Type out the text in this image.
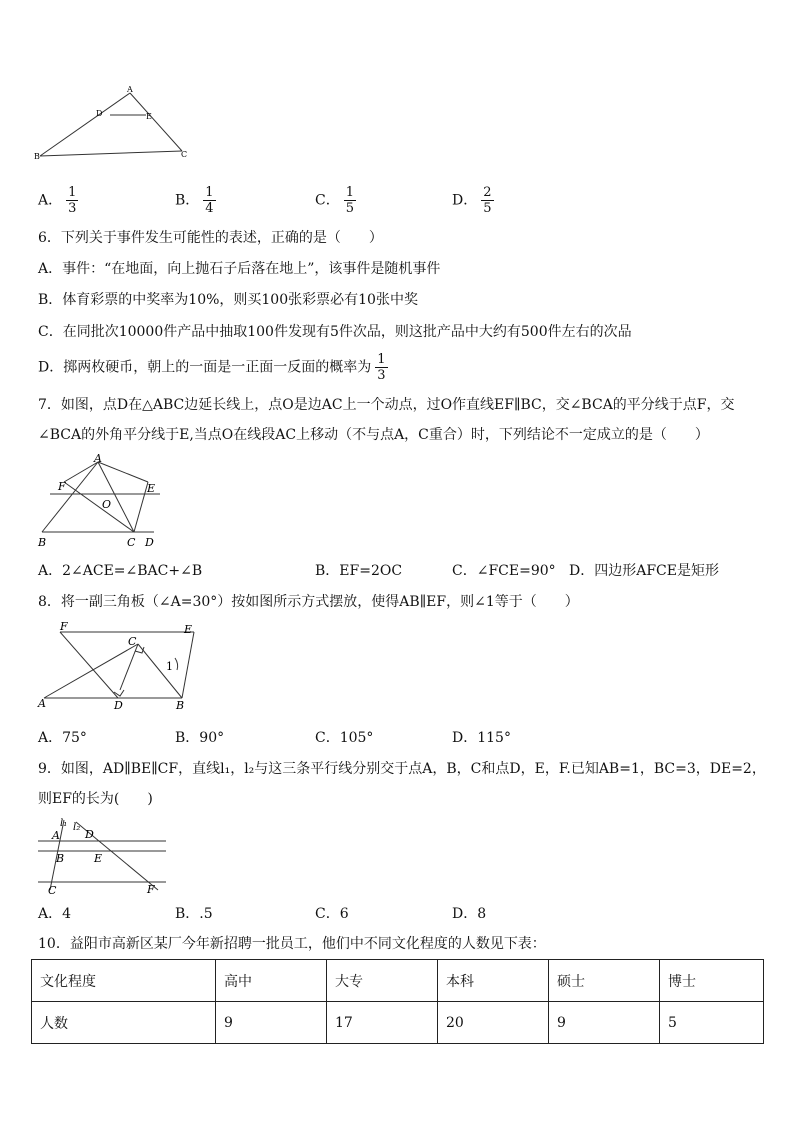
A
D	E
B	C
A． $\frac{1}{3}$	B． $\frac{1}{4}$	C． $\frac{1}{5}$	D． $\frac{2}{5}$
6．下列关于事件发生可能性的表述，正确的是（　　）
A．事件：“在地面，向上抛石子后落在地上”，该事件是随机事件
B．体育彩票的中奖率为10%，则买100张彩票必有10张中奖
C．在同批次10000件产品中抽取100件发现有5件次品，则这批产品中大约有500件左右的次品
D．掷两枚硬币，朝上的一面是一正面一反面的概率为 $\frac{1}{3}$
7．如图，点D在△ABC边延长线上，点O是边AC上一个动点，过O作直线EF∥BC，交∠BCA的平分线于点F，交
∠BCA的外角平分线于E,当点O在线段AC上移动（不与点A，C重合）时，下列结论不一定成立的是（　　）
A
F	E
O
B	C D
A．2∠ACE=∠BAC+∠B	B．EF=2OC	C．∠FCE=90° D．四边形AFCE是矩形
8．将一副三角板（∠A=30°）按如图所示方式摆放，使得AB∥EF，则∠1等于（　　）
F	E
C
1
A	D	B
A．75°	B．90°	C．105°	D．115°
9．如图，AD∥BE∥CF，直线l₁，l₂与这三条平行线分别交于点A，B，C和点D，E，F.已知AB=1，BC=3，DE=2，
则EF的长为(　　)
l₁ l₂
A D
B	E
C	F
A．4	B．.5	C．6	D．8
10．益阳市高新区某厂今年新招聘一批员工，他们中不同文化程度的人数见下表：
文化程度	高中	大专	本科	硕士	博士
人数	9	17	20	9	5
